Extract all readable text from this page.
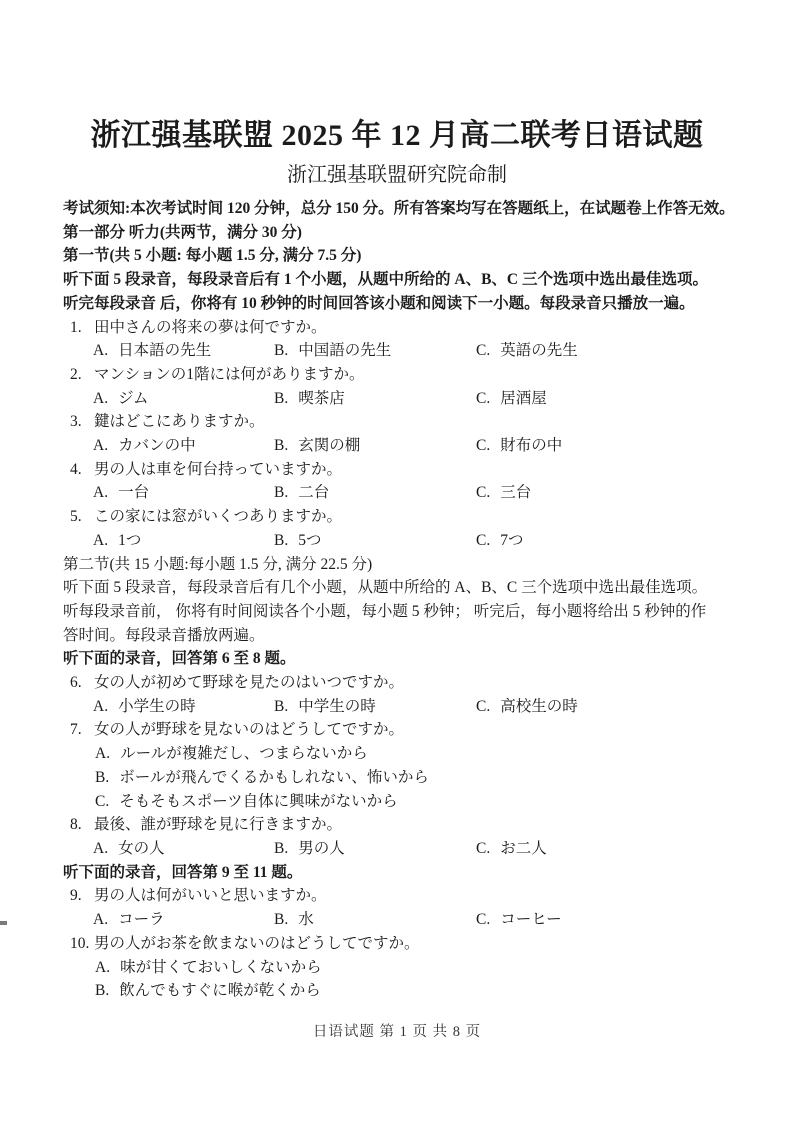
浙江强基联盟 2025 年 12 月高二联考日语试题
浙江强基联盟研究院命制
考试须知:本次考试时间 120 分钟，总分 150 分。所有答案均写在答题纸上，在试题卷上作答无效。
第一部分 听力(共两节，满分 30 分)
第一节(共 5 小题: 每小题 1.5 分, 满分 7.5 分)
听下面 5 段录音，每段录音后有 1 个小题，从题中所给的 A、B、C 三个选项中选出最佳选项。
听完每段录音 后，你将有 10 秒钟的时间回答该小题和阅读下一小题。每段录音只播放一遍。
1. 田中さんの将来の夢は何ですか。
A. 日本語の先生	B. 中国語の先生	C. 英語の先生
2. マンションの1階には何がありますか。
A. ジム	B. 喫茶店	C. 居酒屋
3. 鍵はどこにありますか。
A. カバンの中	B. 玄関の棚	C. 財布の中
4. 男の人は車を何台持っていますか。
A. 一台	B. 二台	C. 三台
5. この家には窓がいくつありますか。
A. 1つ	B. 5つ	C. 7つ
第二节(共 15 小题:每小题 1.5 分, 满分 22.5 分)
听下面 5 段录音，每段录音后有几个小题，从题中所给的 A、B、C 三个选项中选出最佳选项。
听每段录音前， 你将有时间阅读各个小题，每小题 5 秒钟； 听完后，每小题将给出 5 秒钟的作
答时间。每段录音播放两遍。
听下面的录音，回答第 6 至 8 题。
6. 女の人が初めて野球を見たのはいつですか。
A. 小学生の時	B. 中学生の時	C. 高校生の時
7. 女の人が野球を見ないのはどうしてですか。
A. ルールが複雑だし、つまらないから
B. ボールが飛んでくるかもしれない、怖いから
C. そもそもスポーツ自体に興味がないから
8. 最後、誰が野球を見に行きますか。
A. 女の人	B. 男の人	C. お二人
听下面的录音，回答第 9 至 11 题。
9. 男の人は何がいいと思いますか。
A. コーラ	B. 水	C. コーヒー
10. 男の人がお茶を飲まないのはどうしてですか。
A. 味が甘くておいしくないから
B. 飲んでもすぐに喉が乾くから
日语试题 第 1 页 共 8 页
